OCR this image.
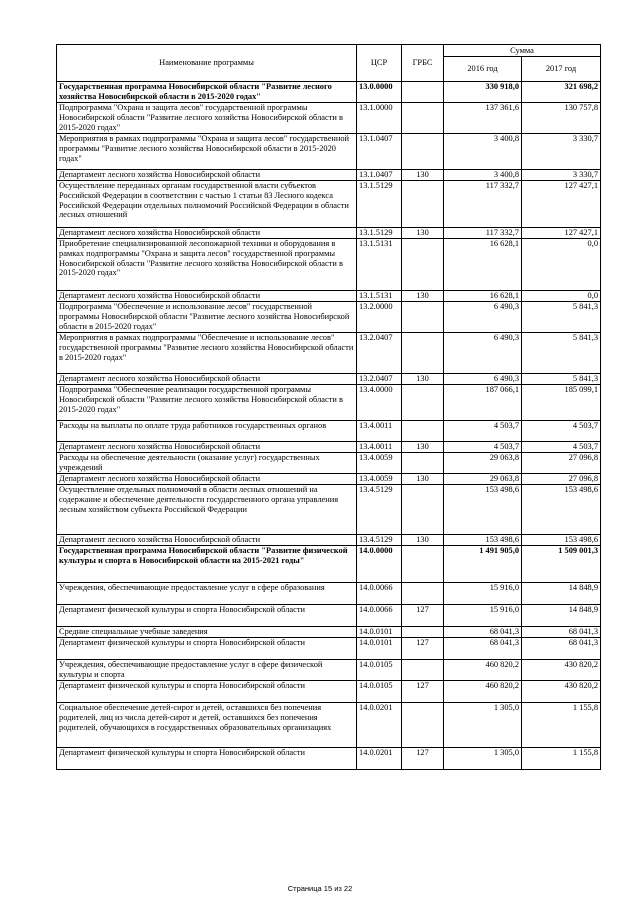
Наименование программы	ЦСР	ГРБС	Сумма	
			2016 год	2017 год
Государственная программа Новосибирской области "Развитие лесного хозяйства Новосибирской области в 2015-2020 годах"	13.0.0000		330 918,0	321 698,2
Подпрограмма "Охрана и защита лесов" государственной программы Новосибирской области "Развитие лесного хозяйства Новосибирской области в 2015-2020 годах"	13.1.0000		137 361,6	130 757,8
Мероприятия в рамках подпрограммы "Охрана и защита лесов" государственной программы "Развитие лесного хозяйства Новосибирской области в 2015-2020 годах"	13.1.0407		3 400,8	3 330,7
Департамент лесного хозяйства Новосибирской области	13.1.0407	130	3 400,8	3 330,7
Осуществление переданных органам государственной власти субъектов Российской Федерации в соответствии с частью 1 статьи 83 Лесного кодекса Российской Федерации отдельных полномочий Российской Федерации в области лесных отношений	13.1.5129		117 332,7	127 427,1
Департамент лесного хозяйства Новосибирской области	13.1.5129	130	117 332,7	127 427,1
Приобретение специализированной лесопожарной техники и оборудования в рамках подпрограммы "Охрана и защита лесов" государственной программы Новосибирской области "Развитие лесного хозяйства Новосибирской области в 2015-2020 годах"	13.1.5131		16 628,1	0,0
Департамент лесного хозяйства Новосибирской области	13.1.5131	130	16 628,1	0,0
Подпрограмма "Обеспечение и использование лесов" государственной программы Новосибирской области "Развитие лесного хозяйства Новосибирской области в 2015-2020 годах"	13.2.0000		6 490,3	5 841,3
Мероприятия в рамках подпрограммы "Обеспечение и использование лесов" государственной программы "Развитие лесного хозяйства Новосибирской области в 2015-2020 годах"	13.2.0407		6 490,3	5 841,3
Департамент лесного хозяйства Новосибирской области	13.2.0407	130	6 490,3	5 841,3
Подпрограмма "Обеспечение реализации государственной программы Новосибирской области "Развитие лесного хозяйства Новосибирской области в 2015-2020 годах"	13.4.0000		187 066,1	185 099,1
Расходы на выплаты по оплате труда работников государственных органов	13.4.0011		4 503,7	4 503,7
Департамент лесного хозяйства Новосибирской области	13.4.0011	130	4 503,7	4 503,7
Расходы на обеспечение деятельности (оказание услуг) государственных учреждений	13.4.0059		29 063,8	27 096,8
Департамент лесного хозяйства Новосибирской области	13.4.0059	130	29 063,8	27 096,8
Осуществление отдельных полномочий в области лесных отношений на содержание и обеспечение деятельности государственного органа управления лесным хозяйством субъекта Российской Федерации	13.4.5129		153 498,6	153 498,6
Департамент лесного хозяйства Новосибирской области	13.4.5129	130	153 498,6	153 498,6
Государственная программа Новосибирской области "Развитие физической культуры и спорта в Новосибирской области на 2015-2021 годы"	14.0.0000		1 491 905,0	1 509 001,3
Учреждения, обеспечивающие предоставление услуг в сфере образования	14.0.0066		15 916,0	14 848,9
Департамент физической культуры и спорта Новосибирской области	14.0.0066	127	15 916,0	14 848,9
Средние специальные учебные заведения	14.0.0101		68 041,3	68 041,3
Департамент физической культуры и спорта Новосибирской области	14.0.0101	127	68 041,3	68 041,3
Учреждения, обеспечивающие предоставление услуг в сфере физической культуры и спорта	14.0.0105		460 820,2	430 820,2
Департамент физической культуры и спорта Новосибирской области	14.0.0105	127	460 820,2	430 820,2
Социальное обеспечение детей-сирот и детей, оставшихся без попечения родителей, лиц из числа детей-сирот и детей, оставшихся без попечения родителей, обучающихся в государственных образовательных организациях	14.0.0201		1 305,0	1 155,8
Департамент физической культуры и спорта Новосибирской области	14.0.0201	127	1 305,0	1 155,8
Страница 15 из 22
